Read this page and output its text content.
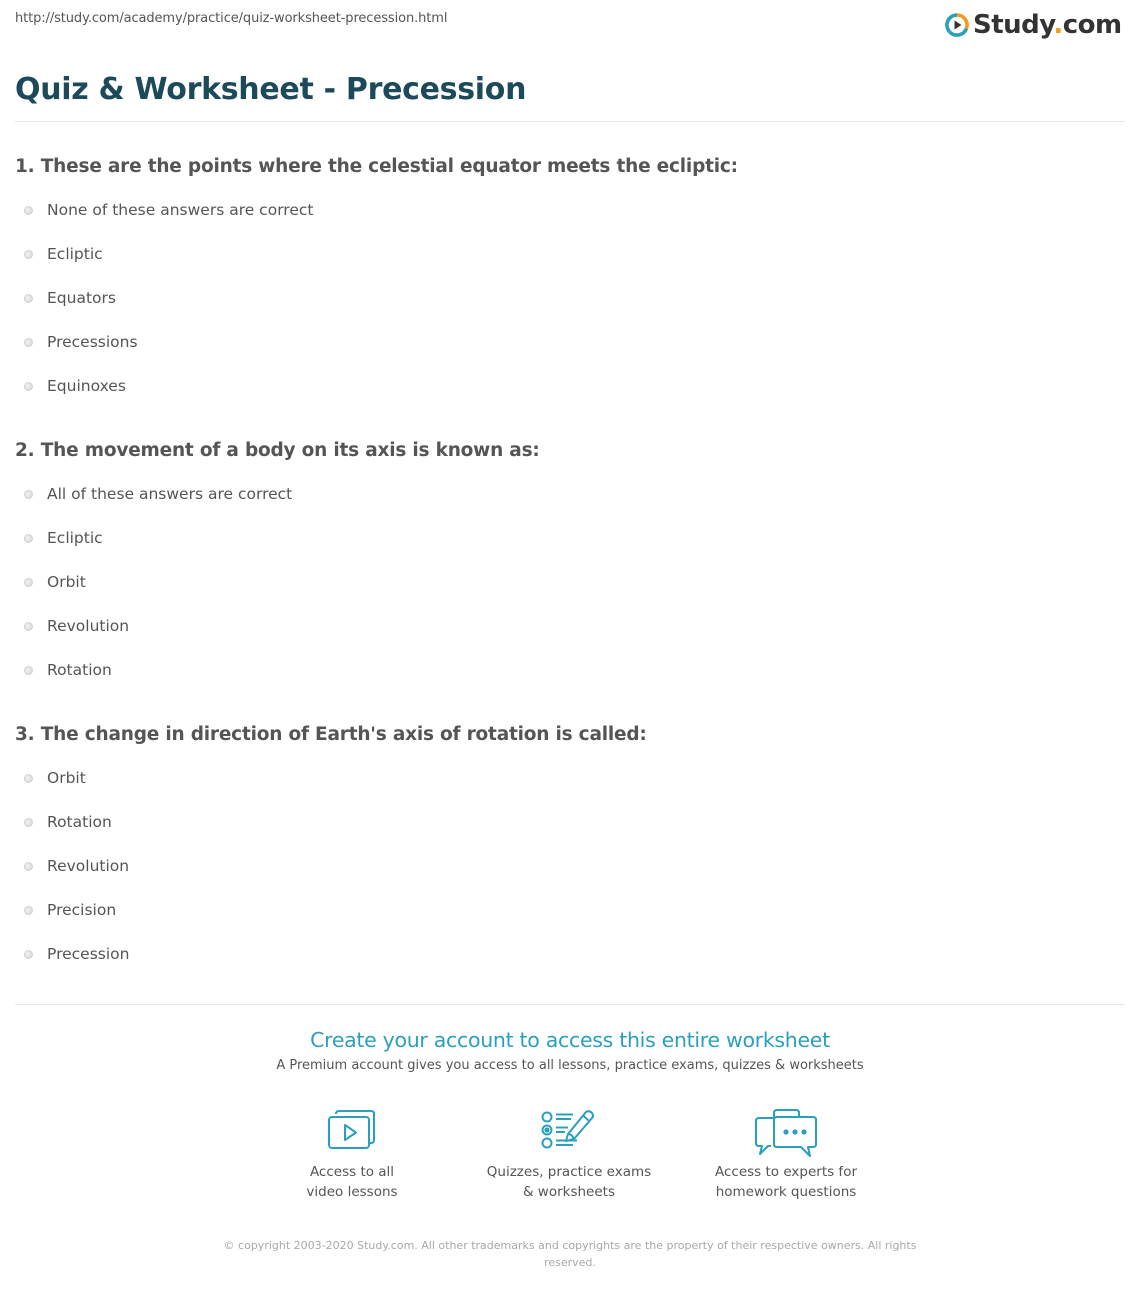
http://study.com/academy/practice/quiz-worksheet-precession.html	Study.com
Quiz & Worksheet - Precession
1. These are the points where the celestial equator meets the ecliptic:
None of these answers are correct
Ecliptic
Equators
Precessions
Equinoxes
2. The movement of a body on its axis is known as:
All of these answers are correct
Ecliptic
Orbit
Revolution
Rotation
3. The change in direction of Earth's axis of rotation is called:
Orbit
Rotation
Revolution
Precision
Precession
Create your account to access this entire worksheet
A Premium account gives you access to all lessons, practice exams, quizzes & worksheets
Access to all
video lessons
Quizzes, practice exams
& worksheets
Access to experts for
homework questions
© copyright 2003-2020 Study.com. All other trademarks and copyrights are the property of their respective owners. All rights
reserved.
